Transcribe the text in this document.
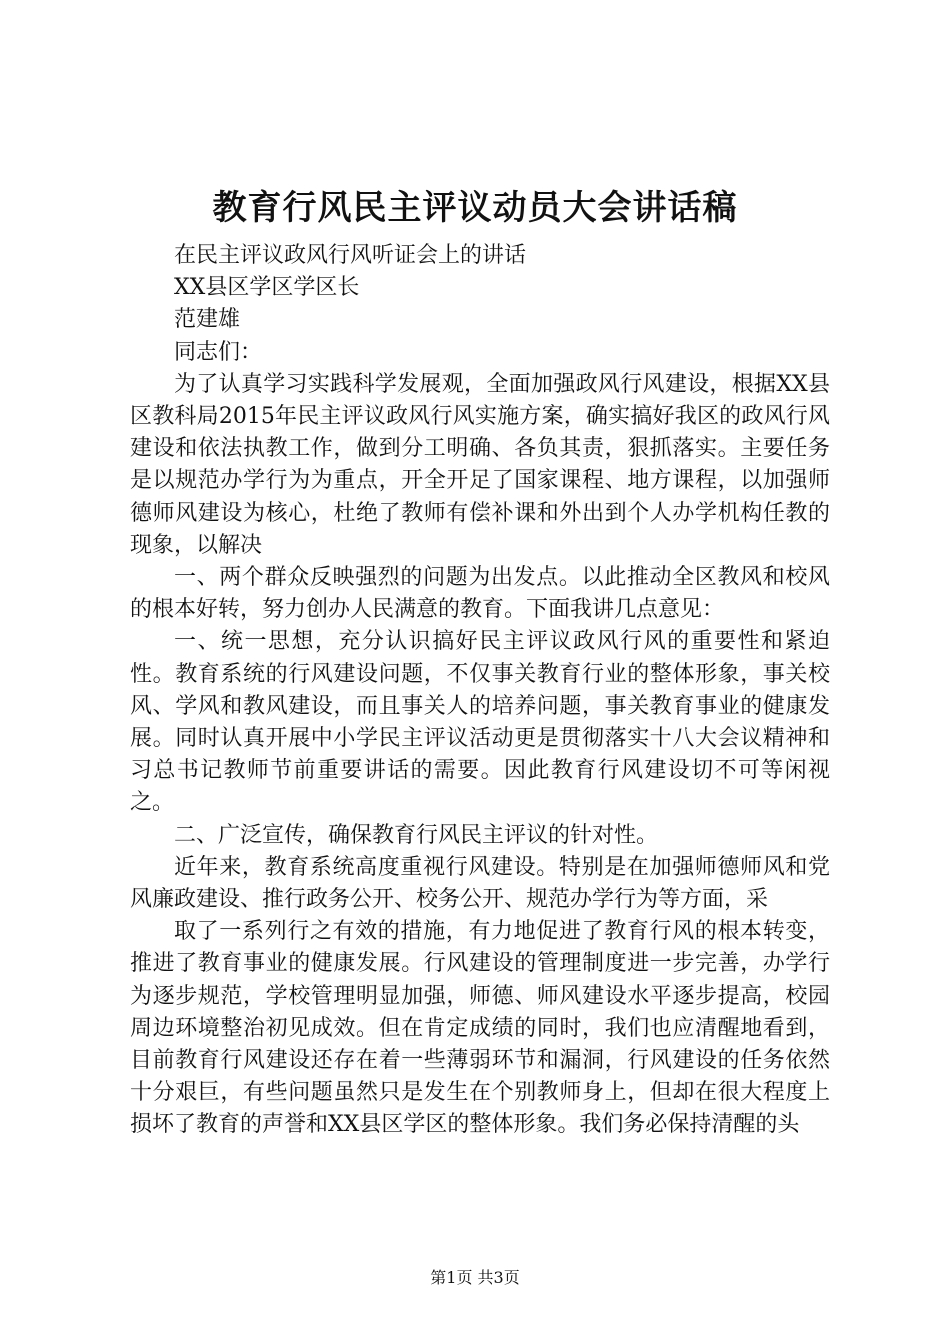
教育行风民主评议动员大会讲话稿

在民主评议政风行风听证会上的讲话

XX县区学区学区长

范建雄

同志们：

为了认真学习实践科学发展观，全面加强政风行风建设，根据XX县区教科局2015年民主评议政风行风实施方案，确实搞好我区的政风行风建设和依法执教工作，做到分工明确、各负其责，狠抓落实。主要任务是以规范办学行为为重点，开全开足了国家课程、地方课程，以加强师德师风建设为核心，杜绝了教师有偿补课和外出到个人办学机构任教的现象，以解决

一、两个群众反映强烈的问题为出发点。以此推动全区教风和校风的根本好转，努力创办人民满意的教育。下面我讲几点意见：

一、统一思想，充分认识搞好民主评议政风行风的重要性和紧迫性。教育系统的行风建设问题，不仅事关教育行业的整体形象，事关校风、学风和教风建设，而且事关人的培养问题，事关教育事业的健康发展。同时认真开展中小学民主评议活动更是贯彻落实十八大会议精神和习总书记教师节前重要讲话的需要。因此教育行风建设切不可等闲视之。

二、广泛宣传，确保教育行风民主评议的针对性。

近年来，教育系统高度重视行风建设。特别是在加强师德师风和党风廉政建设、推行政务公开、校务公开、规范办学行为等方面，采

取了一系列行之有效的措施，有力地促进了教育行风的根本转变，推进了教育事业的健康发展。行风建设的管理制度进一步完善，办学行为逐步规范，学校管理明显加强，师德、师风建设水平逐步提高，校园周边环境整治初见成效。但在肯定成绩的同时，我们也应清醒地看到，目前教育行风建设还存在着一些薄弱环节和漏洞，行风建设的任务依然十分艰巨，有些问题虽然只是发生在个别教师身上，但却在很大程度上损坏了教育的声誉和XX县区学区的整体形象。我们务必保持清醒的头

第1页 共3页
